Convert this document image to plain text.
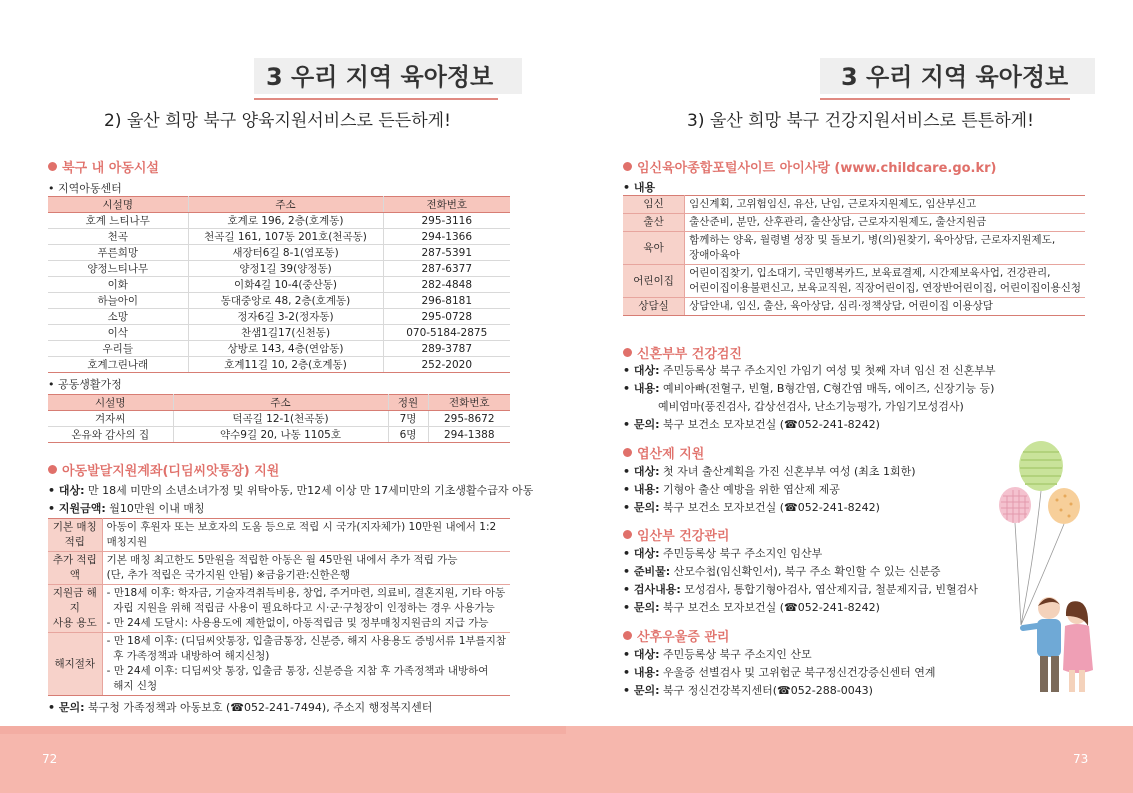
3 우리 지역 육아정보
2) 울산 희망 북구 양육지원서비스로 든든하게!
북구 내 아동시설
• 지역아동센터
시설명	주소	전화번호
호계 느티나무	호계로 196, 2층(호계동)	295-3116
천곡	천곡길 161, 107동 201호(천곡동)	294-1366
푸른희망	새장터6길 8-1(염포동)	287-5391
양정느티나무	양정1길 39(양정동)	287-6377
이화	이화4길 10-4(중산동)	282-4848
하늘아이	동대중앙로 48, 2층(호계동)	296-8181
소망	정자6길 3-2(정자동)	295-0728
이삭	찬샘1길17(신천동)	070-5184-2875
우리들	상방로 143, 4층(연암동)	289-3787
호계그린나래	호계11길 10, 2층(호계동)	252-2020
• 공동생활가정
시설명	주소	정원	전화번호
겨자씨	덕곡길 12-1(천곡동)	7명	295-8672
온유와 감사의 집	약수9길 20, 나동 1105호	6명	294-1388
아동발달지원계좌(디딤씨앗통장) 지원
• 대상: 만 18세 미만의 소년소녀가정 및 위탁아동, 만12세 이상 만 17세미만의 기초생활수급자 아동
• 지원금액: 월10만원 이내 매칭
기본 매칭
적립	아동이 후원자 또는 보호자의 도움 등으로 적립 시 국가(지자체가) 10만원 내에서 1:2
매칭지원
추가 적립액	기본 매칭 최고한도 5만원을 적립한 아동은 월 45만원 내에서 추가 적립 가능
(단, 추가 적립은 국가지원 안됨) ※금융기관:신한은행
지원금 해지
사용 용도	- 만18세 이후: 학자금, 기술자격취득비용, 창업, 주거마련, 의료비, 결혼지원, 기타 아동
자립 지원을 위해 적립금 사용이 필요하다고 시·군·구청장이 인정하는 경우 사용가능
- 만 24세 도달시: 사용용도에 제한없이, 아동적립금 및 정부매칭지원금의 지급 가능
해지절차	- 만 18세 이후: (디딤씨앗통장, 입출금통장, 신분증, 해지 사용용도 증빙서류 1부를지참
후 가족정책과 내방하여 해지신청)
- 만 24세 이후: 디딤씨앗 통장, 입출금 통장, 신분증을 지참 후 가족정책과 내방하여
해지 신청
• 문의: 북구청 가족정책과 아동보호 (☎052-241-7494), 주소지 행정복지센터
3 우리 지역 육아정보
3) 울산 희망 북구 건강지원서비스로 튼튼하게!
임신육아종합포털사이트 아이사랑 (www.childcare.go.kr)
• 내용
임신	임신계획, 고위험임신, 유산, 난임, 근로자지원제도, 임산부신고
출산	출산준비, 분만, 산후관리, 출산상담, 근로자지원제도, 출산지원금
육아	함께하는 양육, 월령별 성장 및 돌보기, 병(의)원찾기, 육아상담, 근로자지원제도,
장애아육아
어린이집	어린이집찾기, 입소대기, 국민행복카드, 보육료결제, 시간제보육사업, 건강관리,
어린이집이용불편신고, 보육교직원, 직장어린이집, 연장반어린이집, 어린이집이용신청
상담실	상담안내, 임신, 출산, 육아상담, 심리·정책상담, 어린이집 이용상담
신혼부부 건강검진
• 대상: 주민등록상 북구 주소지인 가임기 여성 및 첫째 자녀 임신 전 신혼부부
• 내용: 예비아빠(전혈구, 빈혈, B형간염, C형간염 매독, 에이즈, 신장기능 등)
예비엄마(풍진검사, 갑상선검사, 난소기능평가, 가임기모성검사)
• 문의: 북구 보건소 모자보건실 (☎052-241-8242)
엽산제 지원
• 대상: 첫 자녀 출산계획을 가진 신혼부부 여성 (최초 1회한)
• 내용: 기형아 출산 예방을 위한 엽산제 제공
• 문의: 북구 보건소 모자보건실 (☎052-241-8242)
임산부 건강관리
• 대상: 주민등록상 북구 주소지인 임산부
• 준비물: 산모수첩(임신확인서), 북구 주소 확인할 수 있는 신분증
• 검사내용: 모성검사, 통합기형아검사, 엽산제지급, 철분제지급, 빈혈검사
• 문의: 북구 보건소 모자보건실 (☎052-241-8242)
산후우울증 관리
• 대상: 주민등록상 북구 주소지인 산모
• 내용: 우울증 선별검사 및 고위험군 북구정신건강증신센터 연계
• 문의: 북구 정신건강복지센터(☎052-288-0043)
72	73
